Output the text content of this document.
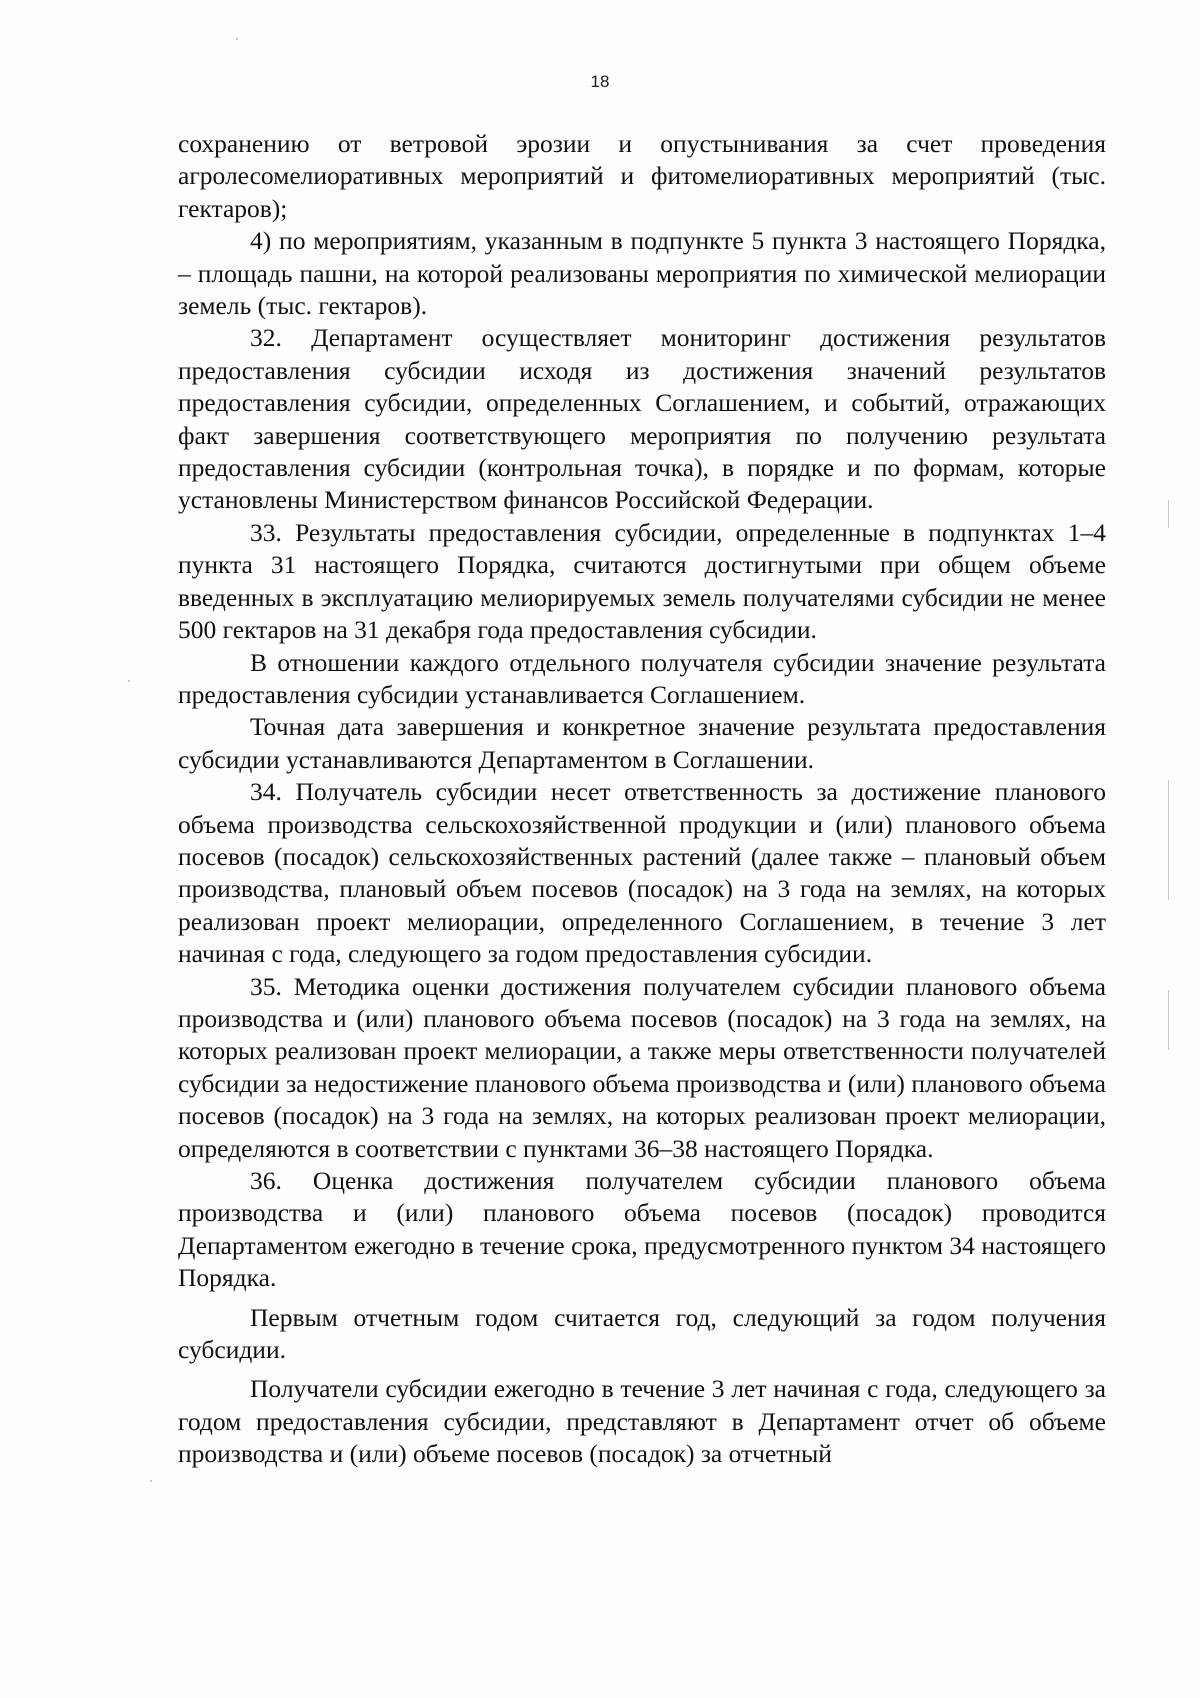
18

сохранению от ветровой эрозии и опустынивания за счет проведения агролесомелиоративных мероприятий и фитомелиоративных мероприятий (тыс. гектаров);

4) по мероприятиям, указанным в подпункте 5 пункта 3 настоящего Порядка, – площадь пашни, на которой реализованы мероприятия по химической мелиорации земель (тыс. гектаров).

32. Департамент осуществляет мониторинг достижения результатов предоставления субсидии исходя из достижения значений результатов предоставления субсидии, определенных Соглашением, и событий, отражающих факт завершения соответствующего мероприятия по получению результата предоставления субсидии (контрольная точка), в порядке и по формам, которые установлены Министерством финансов Российской Федерации.

33. Результаты предоставления субсидии, определенные в подпунктах 1–4 пункта 31 настоящего Порядка, считаются достигнутыми при общем объеме введенных в эксплуатацию мелиорируемых земель получателями субсидии не менее 500 гектаров на 31 декабря года предоставления субсидии.

В отношении каждого отдельного получателя субсидии значение результата предоставления субсидии устанавливается Соглашением.

Точная дата завершения и конкретное значение результата предоставления субсидии устанавливаются Департаментом в Соглашении.

34. Получатель субсидии несет ответственность за достижение планового объема производства сельскохозяйственной продукции и (или) планового объема посевов (посадок) сельскохозяйственных растений (далее также – плановый объем производства, плановый объем посевов (посадок) на 3 года на землях, на которых реализован проект мелиорации, определенного Соглашением, в течение 3 лет начиная с года, следующего за годом предоставления субсидии.

35. Методика оценки достижения получателем субсидии планового объема производства и (или) планового объема посевов (посадок) на 3 года на землях, на которых реализован проект мелиорации, а также меры ответственности получателей субсидии за недостижение планового объема производства и (или) планового объема посевов (посадок) на 3 года на землях, на которых реализован проект мелиорации, определяются в соответствии с пунктами 36–38 настоящего Порядка.

36. Оценка достижения получателем субсидии планового объема производства и (или) планового объема посевов (посадок) проводится Департаментом ежегодно в течение срока, предусмотренного пунктом 34 настоящего Порядка.

Первым отчетным годом считается год, следующий за годом получения субсидии.

Получатели субсидии ежегодно в течение 3 лет начиная с года, следующего за годом предоставления субсидии, представляют в Департамент отчет об объеме производства и (или) объеме посевов (посадок) за отчетный
